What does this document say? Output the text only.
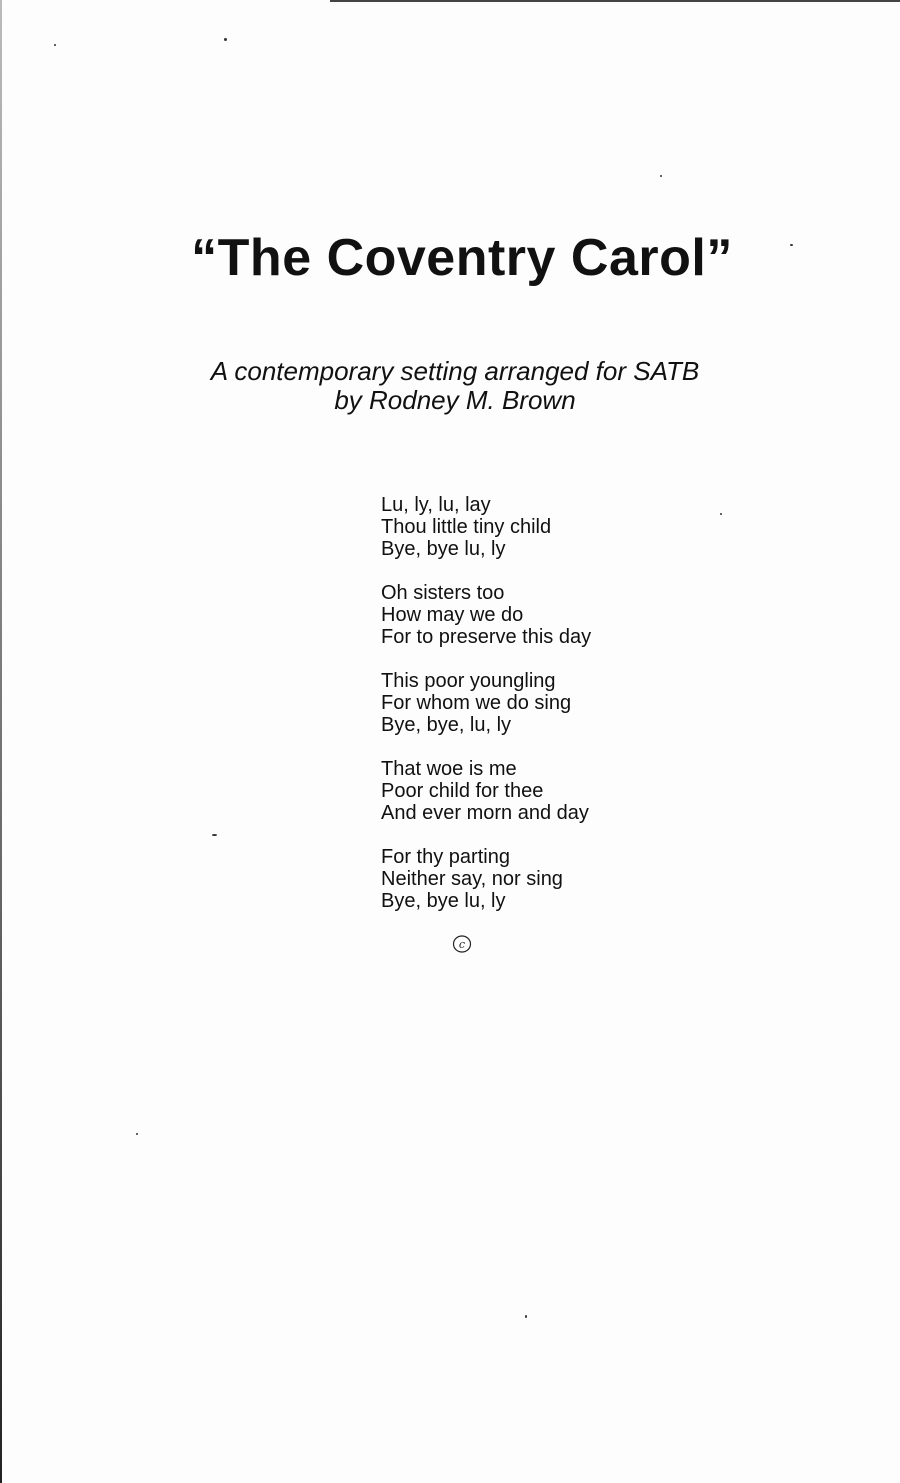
“The Coventry Carol”
A contemporary setting arranged for SATB
by Rodney M. Brown
Lu, ly, lu, lay
Thou little tiny child
Bye, bye lu, ly
Oh sisters too
How may we do
For to preserve this day
This poor youngling
For whom we do sing
Bye, bye, lu, ly
That woe is me
Poor child for thee
And ever morn and day
For thy parting
Neither say, nor sing
Bye, bye lu, ly
c
